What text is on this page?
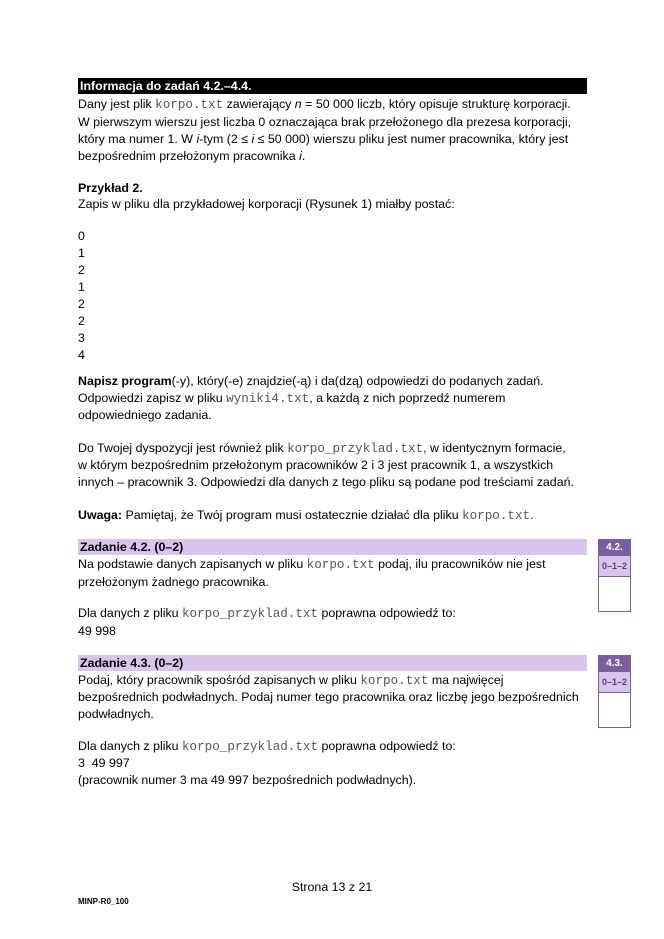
Informacja do zadań 4.2.–4.4.
Dany jest plik korpo.txt zawierający n = 50 000 liczb, który opisuje strukturę korporacji.
W pierwszym wierszu jest liczba 0 oznaczająca brak przełożonego dla prezesa korporacji,
który ma numer 1. W i-tym (2 ≤ i ≤ 50 000) wierszu pliku jest numer pracownika, który jest
bezpośrednim przełożonym pracownika i.
Przykład 2.
Zapis w pliku dla przykładowej korporacji (Rysunek 1) miałby postać:
0
1
2
1
2
2
3
4
Napisz program(-y), który(-e) znajdzie(-ą) i da(dzą) odpowiedzi do podanych zadań.
Odpowiedzi zapisz w pliku wyniki4.txt, a każdą z nich poprzedź numerem
odpowiedniego zadania.
Do Twojej dyspozycji jest również plik korpo_przyklad.txt, w identycznym formacie,
w którym bezpośrednim przełożonym pracowników 2 i 3 jest pracownik 1, a wszystkich
innych – pracownik 3. Odpowiedzi dla danych z tego pliku są podane pod treściami zadań.
Uwaga: Pamiętaj, że Twój program musi ostatecznie działać dla pliku korpo.txt.
Zadanie 4.2. (0–2)
Na podstawie danych zapisanych w pliku korpo.txt podaj, ilu pracowników nie jest
przełożonym żadnego pracownika.
Dla danych z pliku korpo_przyklad.txt poprawna odpowiedź to:
49 998
4.2.
0–1–2
Zadanie 4.3. (0–2)
Podaj, który pracownik spośród zapisanych w pliku korpo.txt ma najwięcej
bezpośrednich podwładnych. Podaj numer tego pracownika oraz liczbę jego bezpośrednich
podwładnych.
Dla danych z pliku korpo_przyklad.txt poprawna odpowiedź to:
3  49 997
(pracownik numer 3 ma 49 997 bezpośrednich podwładnych).
4.3.
0–1–2
Strona 13 z 21
MINP-R0_100
